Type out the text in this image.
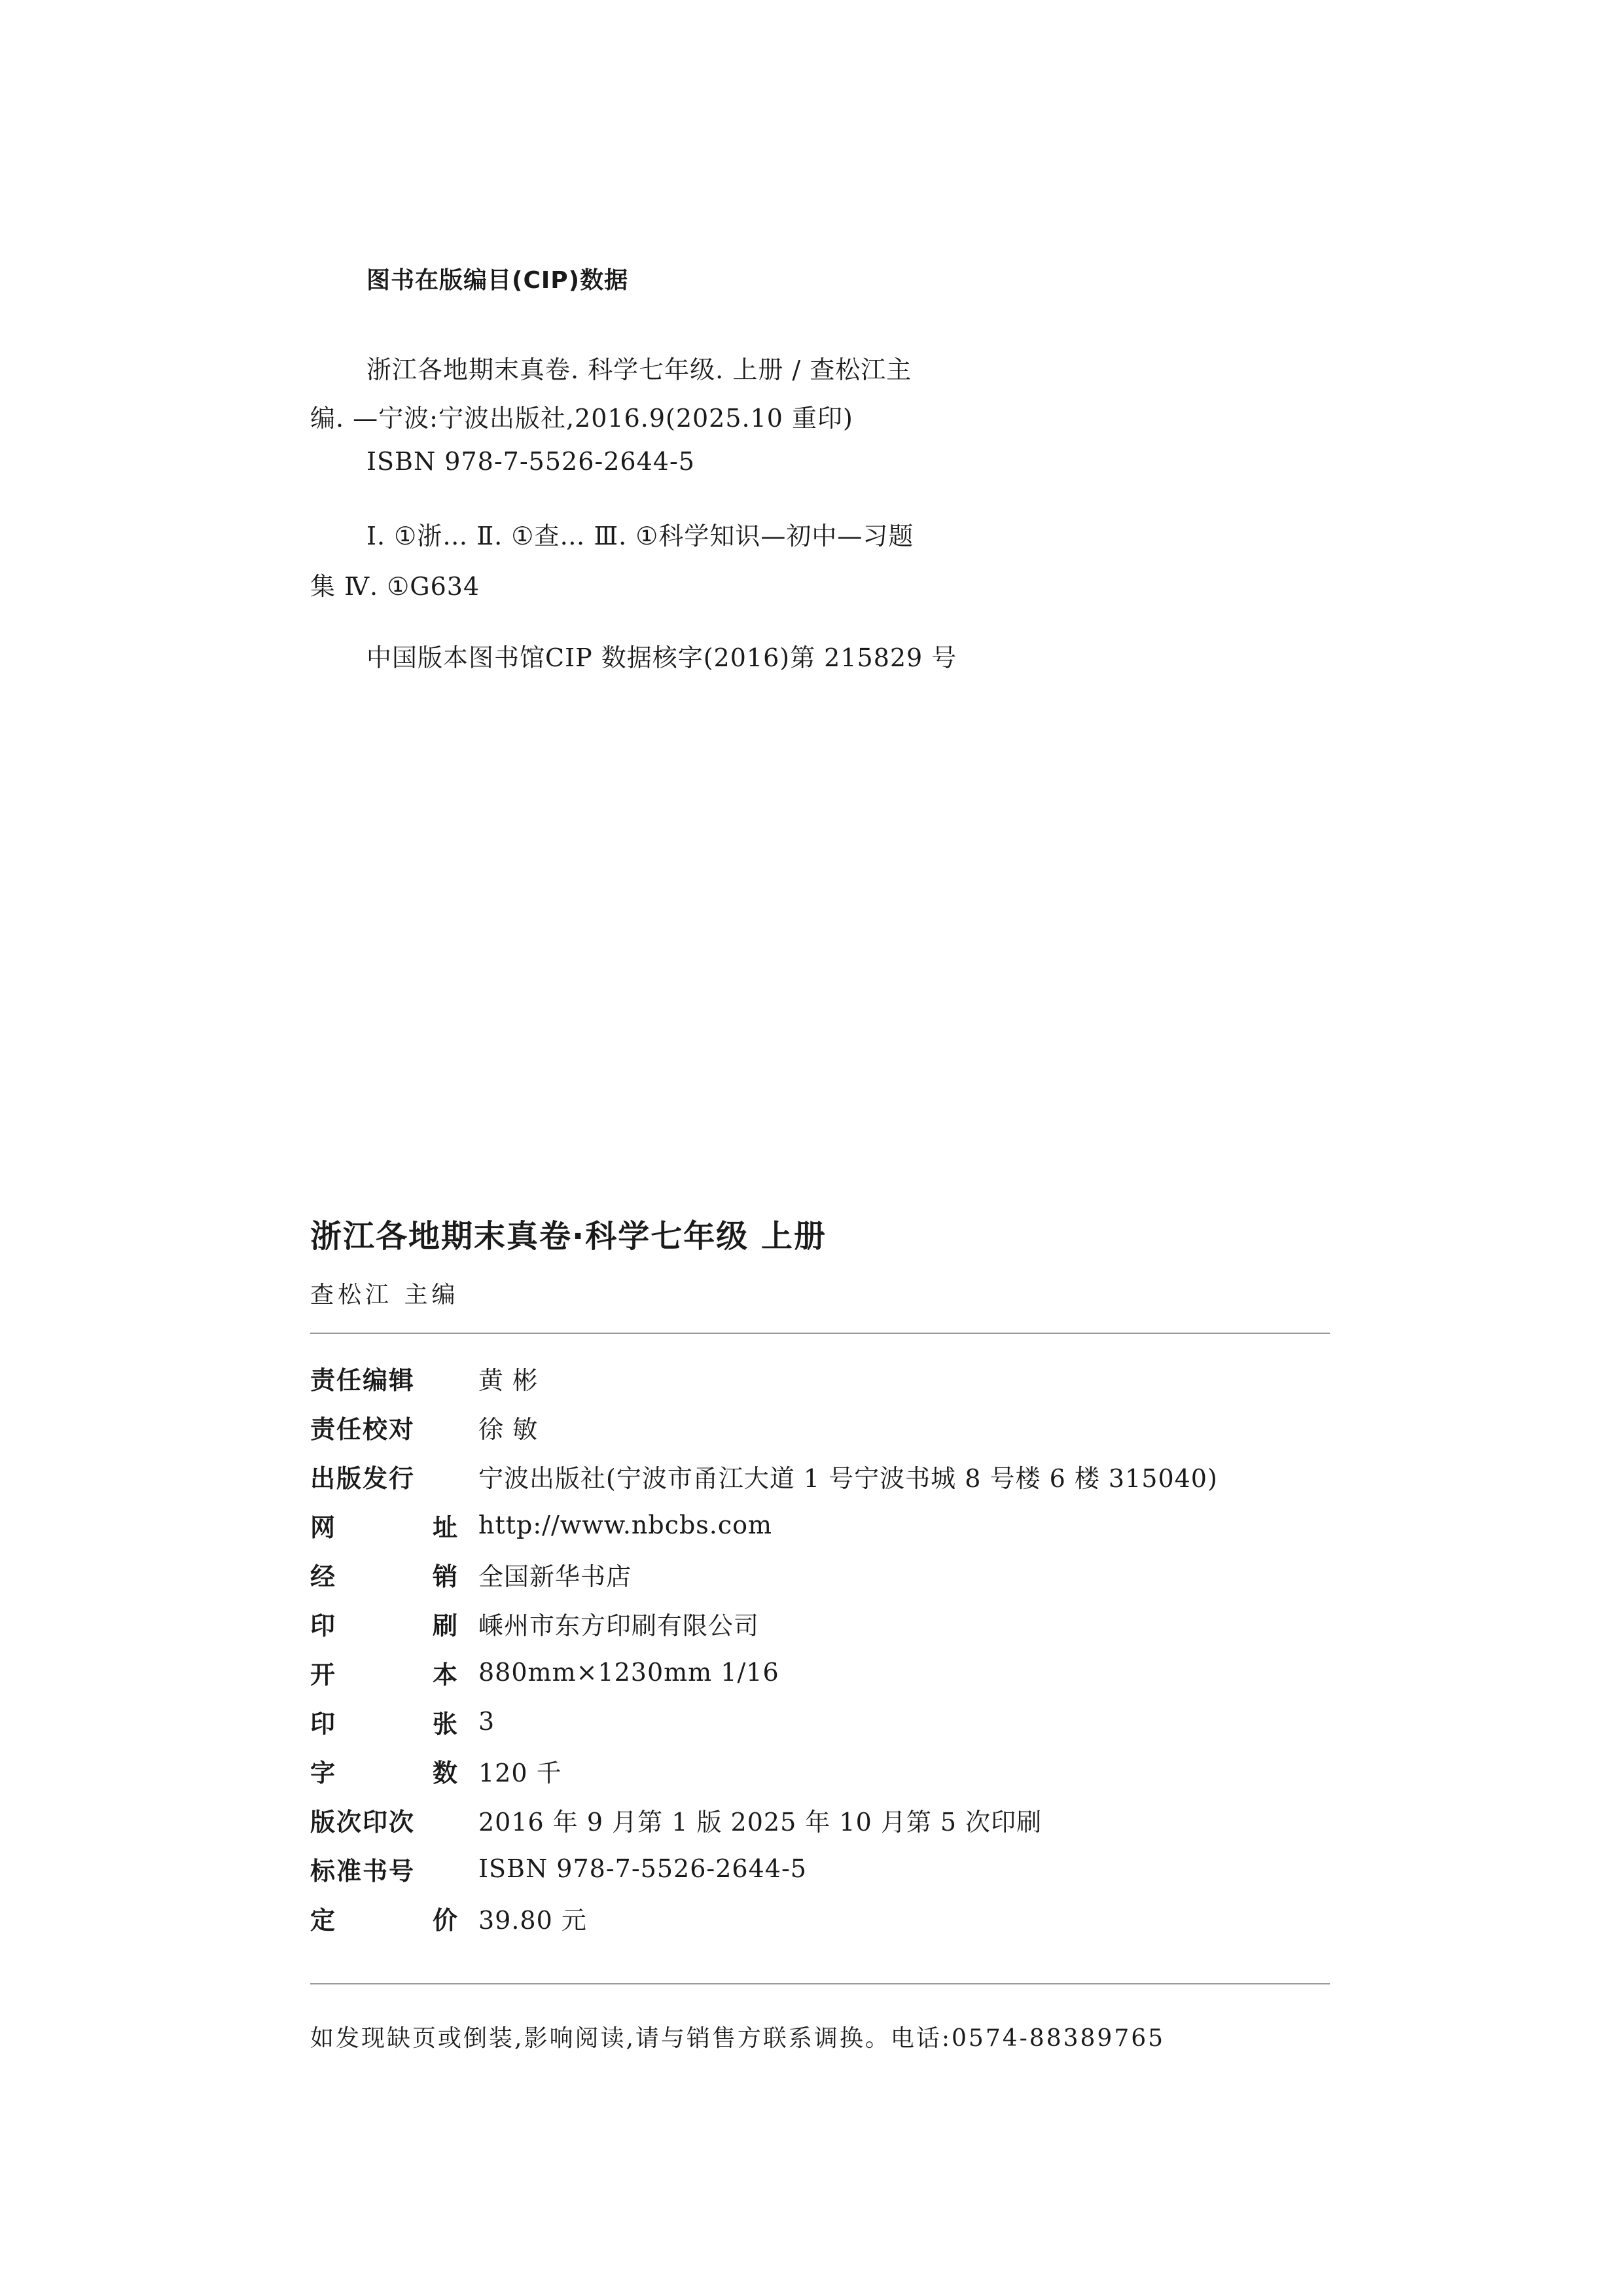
图书在版编目(CIP)数据
浙江各地期末真卷. 科学七年级. 上册 / 查松江主
编. —宁波:宁波出版社,2016.9(2025.10 重印)
ISBN 978-7-5526-2644-5
Ⅰ. ①浙… Ⅱ. ①查… Ⅲ. ①科学知识—初中—习题
集 Ⅳ. ①G634
中国版本图书馆CIP 数据核字(2016)第 215829 号
浙江各地期末真卷·科学七年级 上册
查松江 主编
责任编辑	黄 彬
责任校对	徐 敏
出版发行	宁波出版社(宁波市甬江大道 1 号宁波书城 8 号楼 6 楼 315040)
网	址 http://www.nbcbs.com
经	销 全国新华书店
印	刷 嵊州市东方印刷有限公司
开	本 880mm×1230mm 1/16
印	张 3
字	数 120 千
版次印次	2016 年 9 月第 1 版 2025 年 10 月第 5 次印刷
标准书号	ISBN 978-7-5526-2644-5
定	价 39.80 元
如发现缺页或倒装,影响阅读,请与销售方联系调换。电话:0574-88389765
